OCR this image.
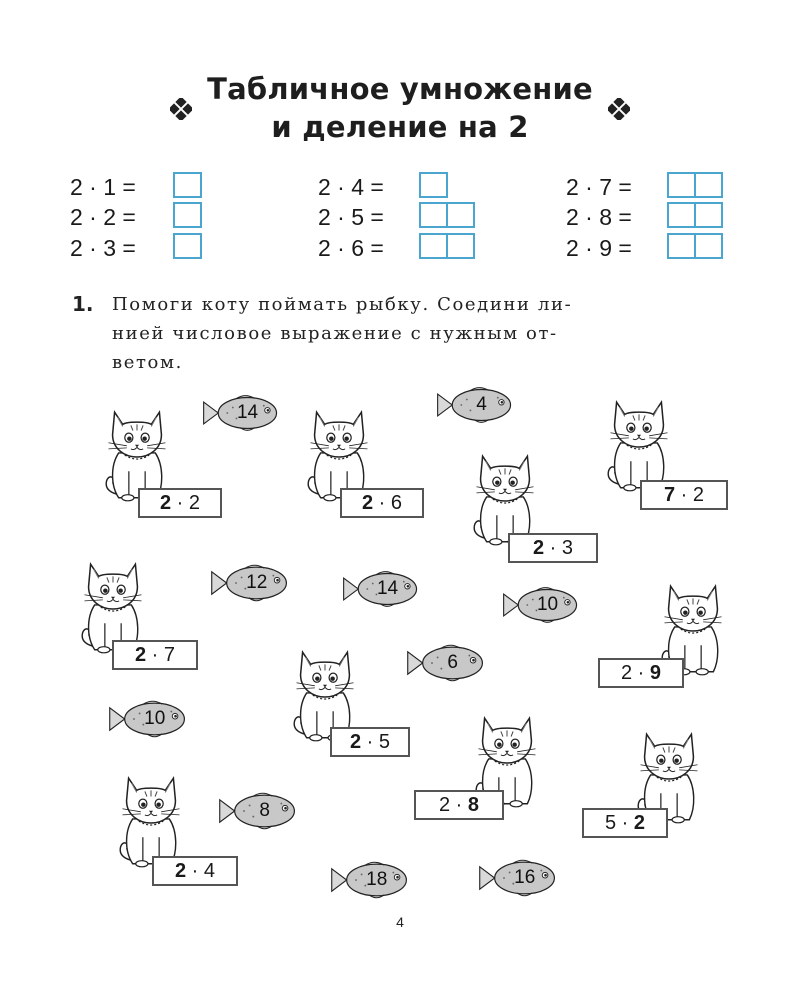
Табличное умножение
и деление на 2
2 · 1 =
2 · 2 =
2 · 3 =
2 · 4 =
2 · 5 =
2 · 6 =
2 · 7 =
2 · 8 =
2 · 9 =
1. Помоги коту поймать рыбку. Соедини ли-
нией числовое выражение с нужным от-
ветом.
14	4
12	14
10
6
10
8
18	16
2 · 2	2 · 6
2 · 3
7 · 2
2 · 7
2 · 9
2 · 5
2 · 8
5 · 2
2 · 4
4
